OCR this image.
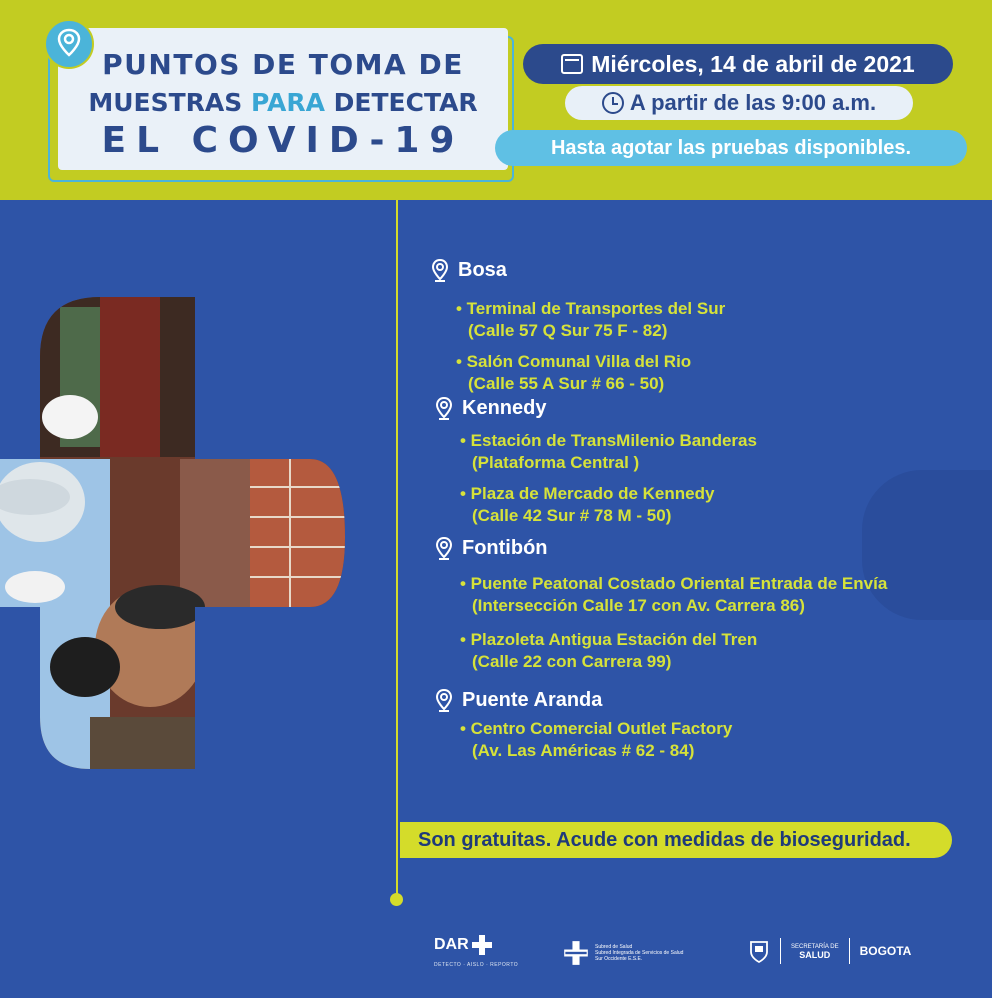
PUNTOS DE TOMA DE
MUESTRAS PARA DETECTAR
EL COVID-19
Miércoles, 14 de abril de 2021
A partir de las 9:00 a.m.
Hasta agotar las pruebas disponibles.
Bosa
• Terminal de Transportes del Sur
(Calle 57 Q Sur 75 F - 82)
• Salón Comunal Villa del Rio
(Calle 55 A Sur # 66 - 50)
Kennedy
• Estación de TransMilenio Banderas
(Plataforma Central )
• Plaza de Mercado de Kennedy
(Calle 42 Sur # 78 M - 50)
Fontibón
• Puente Peatonal Costado Oriental Entrada de Envía
(Intersección Calle 17 con Av. Carrera 86)
• Plazoleta Antigua Estación del Tren
(Calle 22 con Carrera 99)
Puente Aranda
• Centro Comercial Outlet Factory
(Av. Las Américas # 62 - 84)
Son gratuitas. Acude con medidas de bioseguridad.
DAR
DETECTO · AISLO · REPORTO
Subred de Salud
Subred Integrada de Servicios de Salud
Sur Occidente E.S.E.
SECRETARÍA DE
SALUD	BOGOTA
